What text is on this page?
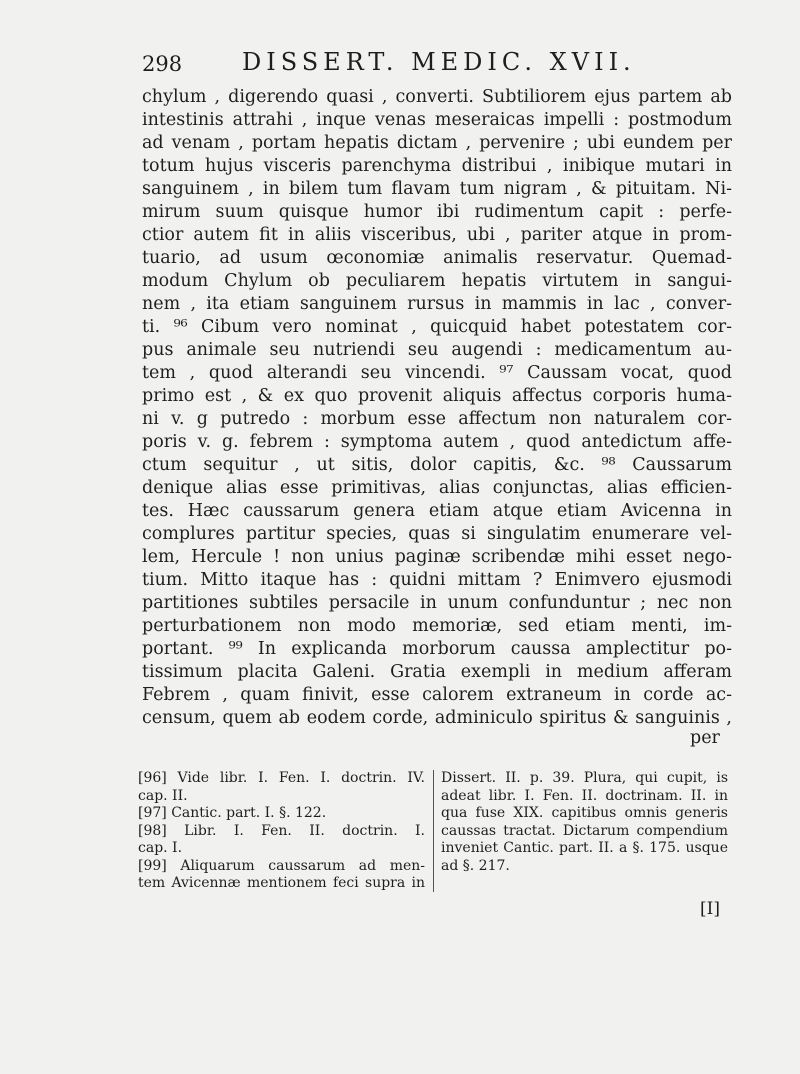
298 DISSERT. MEDIC. XVII.
chylum , digerendo quasi , converti. Subtiliorem ejus partem ab
intestinis attrahi , inque venas meseraicas impelli : postmodum
ad venam , portam hepatis dictam , pervenire ; ubi eundem per
totum hujus visceris parenchyma distribui , inibique mutari in
sanguinem , in bilem tum flavam tum nigram , & pituitam. Ni-
mirum suum quisque humor ibi rudimentum capit : perfe-
ctior autem fit in aliis visceribus, ubi , pariter atque in prom-
tuario, ad usum œconomiæ animalis reservatur. Quemad-
modum Chylum ob peculiarem hepatis virtutem in sangui-
nem , ita etiam sanguinem rursus in mammis in lac , conver-
ti. ⁹⁶ Cibum vero nominat , quicquid habet potestatem cor-
pus animale seu nutriendi seu augendi : medicamentum au-
tem , quod alterandi seu vincendi. ⁹⁷ Caussam vocat, quod
primo est , & ex quo provenit aliquis affectus corporis huma-
ni v. g putredo : morbum esse affectum non naturalem cor-
poris v. g. febrem : symptoma autem , quod antedictum affe-
ctum sequitur , ut sitis, dolor capitis, &c. ⁹⁸ Caussarum
denique alias esse primitivas, alias conjunctas, alias efficien-
tes. Hæc caussarum genera etiam atque etiam Avicenna in
complures partitur species, quas si singulatim enumerare vel-
lem, Hercule ! non unius paginæ scribendæ mihi esset nego-
tium. Mitto itaque has : quidni mittam ? Enimvero ejusmodi
partitiones subtiles persacile in unum confunduntur ; nec non
perturbationem non modo memoriæ, sed etiam menti, im-
portant. ⁹⁹ In explicanda morborum caussa amplectitur po-
tissimum placita Galeni. Gratia exempli in medium afferam
Febrem , quam finivit, esse calorem extraneum in corde ac-
censum, quem ab eodem corde, adminiculo spiritus & sanguinis ,
per
[96] Vide libr. I. Fen. I. doctrin. IV.
cap. II.
[97] Cantic. part. I. §. 122.
[98] Libr. I. Fen. II. doctrin. I.
cap. I.
[99] Aliquarum caussarum ad men-
tem Avicennæ mentionem feci supra in
Dissert. II. p. 39. Plura, qui cupit, is
adeat libr. I. Fen. II. doctrinam. II. in
qua fuse XIX. capitibus omnis generis
caussas tractat. Dictarum compendium
inveniet Cantic. part. II. a §. 175. usque
ad §. 217.
[I]
